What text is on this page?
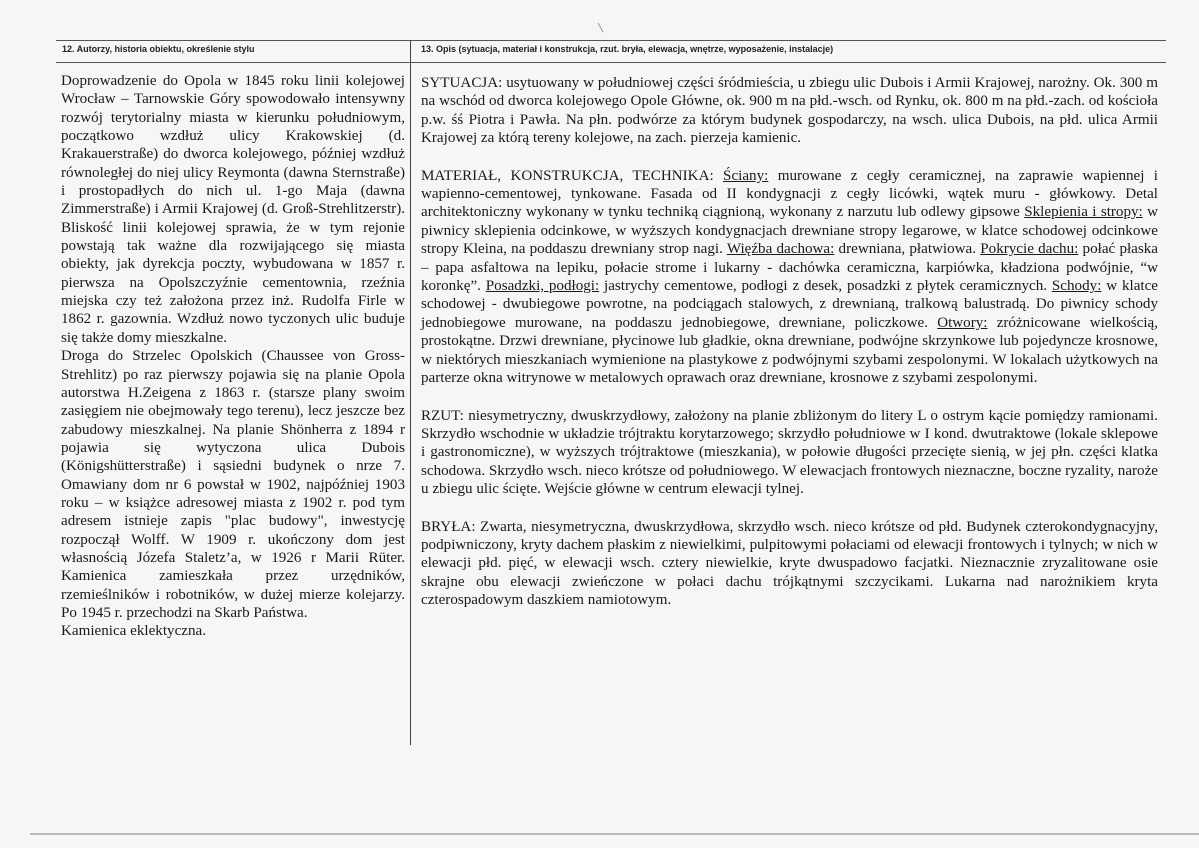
12. Autorzy, historia obiektu, określenie stylu	13. Opis (sytuacja, materiał i konstrukcja, rzut. bryła, elewacja, wnętrze, wyposażenie, instalacje)

Doprowadzenie do Opola w 1845 roku linii kolejowej Wrocław – Tarnowskie Góry spowodowało intensywny rozwój terytorialny miasta w kierunku południowym, początkowo wzdłuż ulicy Krakowskiej (d. Krakauerstraße) do dworca kolejowego, później wzdłuż równoległej do niej ulicy Reymonta (dawna Sternstraße) i prostopadłych do nich ul. 1-go Maja (dawna Zimmerstraße) i Armii Krajowej (d. Groß-Strehlitzerstr). Bliskość linii kolejowej sprawia, że w tym rejonie powstają tak ważne dla rozwijającego się miasta obiekty, jak dyrekcja poczty, wybudowana w 1857 r. pierwsza na Opolszczyźnie cementownia, rzeźnia miejska czy też założona przez inż. Rudolfa Firle w 1862 r. gazownia. Wzdłuż nowo tyczonych ulic buduje się także domy mieszkalne.

Droga do Strzelec Opolskich (Chaussee von Gross-Strehlitz) po raz pierwszy pojawia się na planie Opola autorstwa H.Zeigena z 1863 r. (starsze plany swoim zasięgiem nie obejmowały tego terenu), lecz jeszcze bez zabudowy mieszkalnej. Na planie Shönherra z 1894 r pojawia się wytyczona ulica Dubois (Königshütterstraße) i sąsiedni budynek o nrze 7. Omawiany dom nr 6 powstał w 1902, najpóźniej 1903 roku – w książce adresowej miasta z 1902 r. pod tym adresem istnieje zapis "plac budowy", inwestycję rozpoczął Wolff. W 1909 r. ukończony dom jest własnością Józefa Staletz’a, w 1926 r Marii Rüter. Kamienica zamieszkała przez urzędników, rzemieślników i robotników, w dużej mierze kolejarzy. Po 1945 r. przechodzi na Skarb Państwa.

Kamienica eklektyczna.

SYTUACJA: usytuowany w południowej części śródmieścia, u zbiegu ulic Dubois i Armii Krajowej, narożny. Ok. 300 m na wschód od dworca kolejowego Opole Główne, ok. 900 m na płd.-wsch. od Rynku, ok. 800 m na płd.-zach. od kościoła p.w. śś Piotra i Pawła. Na płn. podwórze za którym budynek gospodarczy, na wsch. ulica Dubois, na płd. ulica Armii Krajowej za którą tereny kolejowe, na zach. pierzeja kamienic.

MATERIAŁ, KONSTRUKCJA, TECHNIKA: Ściany: murowane z cegły ceramicznej, na zaprawie wapiennej i wapienno-cementowej, tynkowane. Fasada od II kondygnacji z cegły licówki, wątek muru - główkowy. Detal architektoniczny wykonany w tynku techniką ciągnioną, wykonany z narzutu lub odlewy gipsowe Sklepienia i stropy: w piwnicy sklepienia odcinkowe, w wyższych kondygnacjach drewniane stropy legarowe, w klatce schodowej odcinkowe stropy Kleina, na poddaszu drewniany strop nagi. Więźba dachowa: drewniana, płatwiowa. Pokrycie dachu: połać płaska – papa asfaltowa na lepiku, połacie strome i lukarny - dachówka ceramiczna, karpiówka, kładziona podwójnie, “w koronkę”. Posadzki, podłogi: jastrychy cementowe, podłogi z desek, posadzki z płytek ceramicznych. Schody: w klatce schodowej - dwubiegowe powrotne, na podciągach stalowych, z drewnianą, tralkową balustradą. Do piwnicy schody jednobiegowe murowane, na poddaszu jednobiegowe, drewniane, policzkowe. Otwory: zróżnicowane wielkością, prostokątne. Drzwi drewniane, płycinowe lub gładkie, okna drewniane, podwójne skrzynkowe lub pojedyncze krosnowe, w niektórych mieszkaniach wymienione na plastykowe z podwójnymi szybami zespolonymi. W lokalach użytkowych na parterze okna witrynowe w metalowych oprawach oraz drewniane, krosnowe z szybami zespolonymi.

RZUT: niesymetryczny, dwuskrzydłowy, założony na planie zbliżonym do litery L o ostrym kącie pomiędzy ramionami. Skrzydło wschodnie w układzie trójtraktu korytarzowego; skrzydło południowe w I kond. dwutraktowe (lokale sklepowe i gastronomiczne), w wyższych trójtraktowe (mieszkania), w połowie długości przecięte sienią, w jej płn. części klatka schodowa. Skrzydło wsch. nieco krótsze od południowego. W elewacjach frontowych nieznaczne, boczne ryzality, naroże u zbiegu ulic ścięte. Wejście główne w centrum elewacji tylnej.

BRYŁA: Zwarta, niesymetryczna, dwuskrzydłowa, skrzydło wsch. nieco krótsze od płd. Budynek czterokondygnacyjny, podpiwniczony, kryty dachem płaskim z niewielkimi, pulpitowymi połaciami od elewacji frontowych i tylnych; w nich w elewacji płd. pięć, w elewacji wsch. cztery niewielkie, kryte dwuspadowo facjatki. Nieznacznie zryzalitowane osie skrajne obu elewacji zwieńczone w połaci dachu trójkątnymi szczycikami. Lukarna nad narożnikiem kryta czterospadowym daszkiem namiotowym.
